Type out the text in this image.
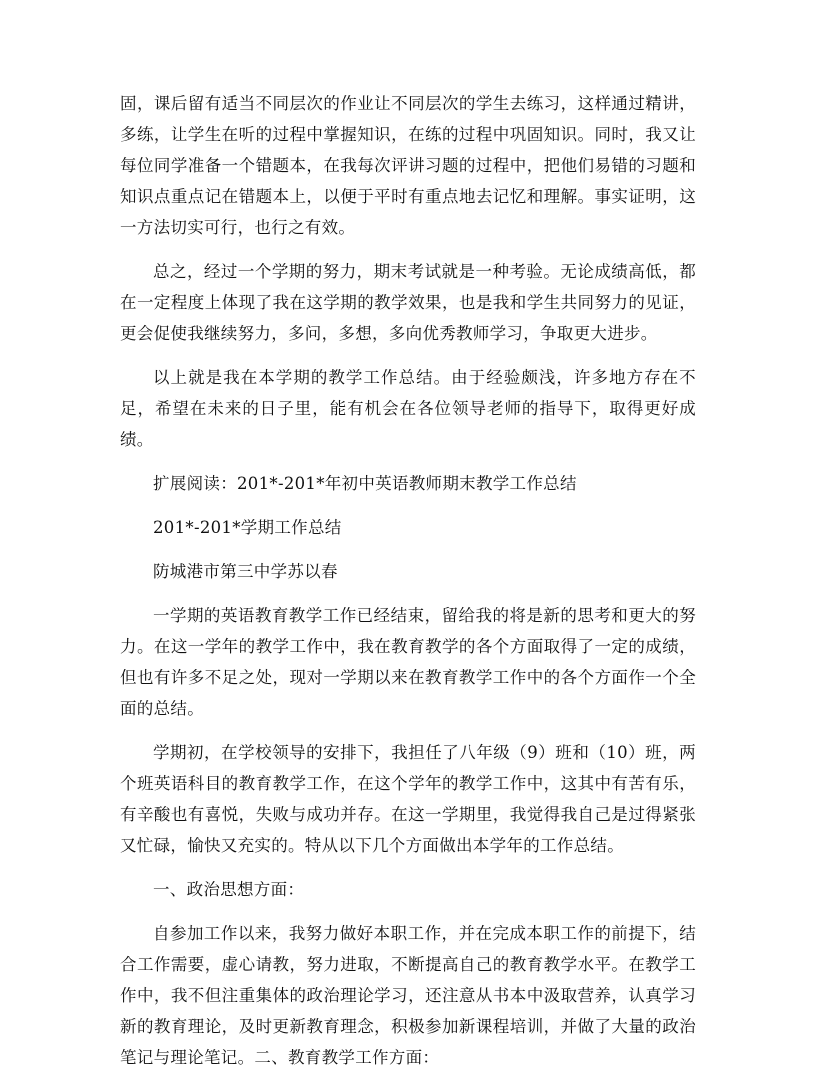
固，课后留有适当不同层次的作业让不同层次的学生去练习，这样通过精讲，多练，让学生在听的过程中掌握知识，在练的过程中巩固知识。同时，我又让每位同学准备一个错题本，在我每次评讲习题的过程中，把他们易错的习题和知识点重点记在错题本上，以便于平时有重点地去记忆和理解。事实证明，这一方法切实可行，也行之有效。

总之，经过一个学期的努力，期末考试就是一种考验。无论成绩高低，都在一定程度上体现了我在这学期的教学效果，也是我和学生共同努力的见证，更会促使我继续努力，多问，多想，多向优秀教师学习，争取更大进步。

以上就是我在本学期的教学工作总结。由于经验颇浅，许多地方存在不足，希望在未来的日子里，能有机会在各位领导老师的指导下，取得更好成绩。

扩展阅读：201*-201*年初中英语教师期末教学工作总结

201*-201*学期工作总结

防城港市第三中学苏以春

一学期的英语教育教学工作已经结束，留给我的将是新的思考和更大的努力。在这一学年的教学工作中，我在教育教学的各个方面取得了一定的成绩，但也有许多不足之处，现对一学期以来在教育教学工作中的各个方面作一个全面的总结。

学期初，在学校领导的安排下，我担任了八年级（9）班和（10）班，两个班英语科目的教育教学工作，在这个学年的教学工作中，这其中有苦有乐，有辛酸也有喜悦，失败与成功并存。在这一学期里，我觉得我自己是过得紧张又忙碌，愉快又充实的。特从以下几个方面做出本学年的工作总结。

一、政治思想方面：

自参加工作以来，我努力做好本职工作，并在完成本职工作的前提下，结合工作需要，虚心请教，努力进取，不断提高自己的教育教学水平。在教学工作中，我不但注重集体的政治理论学习，还注意从书本中汲取营养，认真学习新的教育理论，及时更新教育理念，积极参加新课程培训，并做了大量的政治笔记与理论笔记。二、教育教学工作方面：
